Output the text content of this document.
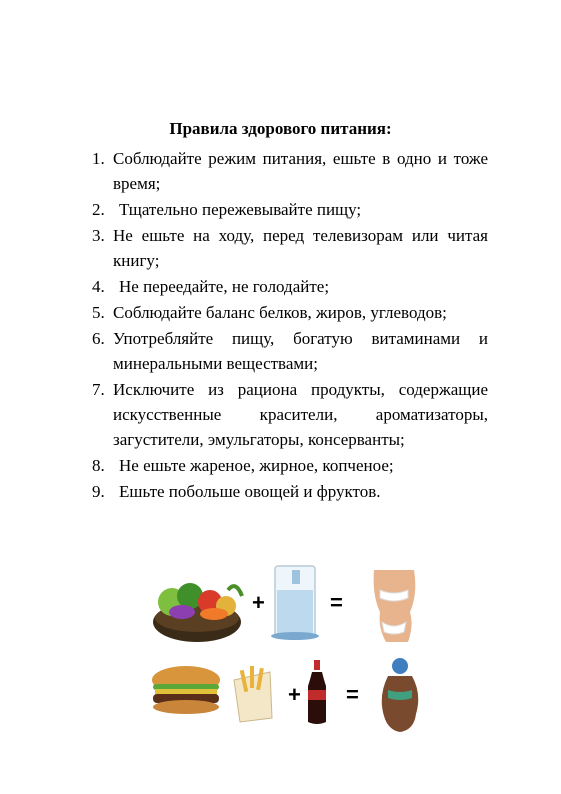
Правила здорового питания:
1. Соблюдайте режим питания, ешьте в одно и тоже время;
2. Тщательно пережевывайте пищу;
3. Не ешьте на ходу, перед телевизорам или читая книгу;
4. Не переедайте, не голодайте;
5. Соблюдайте баланс белков, жиров, углеводов;
6. Употребляйте пищу, богатую витаминами и минеральными веществами;
7. Исключите из рациона продукты, содержащие искусственные красители, ароматизаторы, загустители, эмульгаторы, консерванты;
8. Не ешьте жареное, жирное, копченое;
9. Ешьте побольше овощей и фруктов.
+	=
+ =
